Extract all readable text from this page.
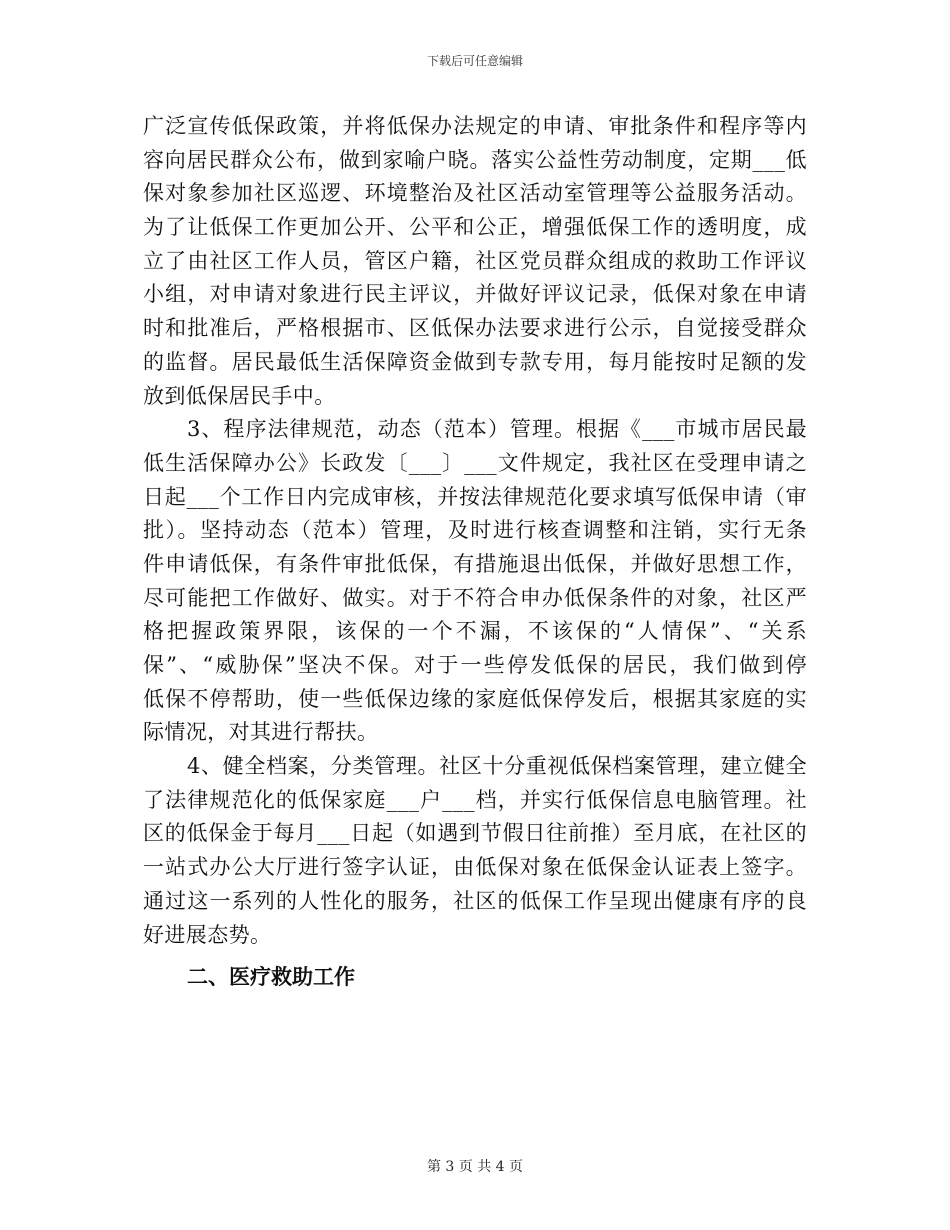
下载后可任意编辑
广泛宣传低保政策，并将低保办法规定的申请、审批条件和程序等内
容向居民群众公布，做到家喻户晓。落实公益性劳动制度，定期___低
保对象参加社区巡逻、环境整治及社区活动室管理等公益服务活动。
为了让低保工作更加公开、公平和公正，增强低保工作的透明度，成
立了由社区工作人员，管区户籍，社区党员群众组成的救助工作评议
小组，对申请对象进行民主评议，并做好评议记录，低保对象在申请
时和批准后，严格根据市、区低保办法要求进行公示，自觉接受群众
的监督。居民最低生活保障资金做到专款专用，每月能按时足额的发
放到低保居民手中。
3、程序法律规范，动态（范本）管理。根据《___市城市居民最
低生活保障办公》长政发〔___〕___文件规定，我社区在受理申请之
日起___个工作日内完成审核，并按法律规范化要求填写低保申请（审
批）。坚持动态（范本）管理，及时进行核查调整和注销，实行无条
件申请低保，有条件审批低保，有措施退出低保，并做好思想工作，
尽可能把工作做好、做实。对于不符合申办低保条件的对象，社区严
格把握政策界限，该保的一个不漏，不该保的“人情保”、“关系
保”、“威胁保”坚决不保。对于一些停发低保的居民，我们做到停
低保不停帮助，使一些低保边缘的家庭低保停发后，根据其家庭的实
际情况，对其进行帮扶。
4、健全档案，分类管理。社区十分重视低保档案管理，建立健全
了法律规范化的低保家庭___户___档，并实行低保信息电脑管理。社
区的低保金于每月___日起（如遇到节假日往前推）至月底，在社区的
一站式办公大厅进行签字认证，由低保对象在低保金认证表上签字。
通过这一系列的人性化的服务，社区的低保工作呈现出健康有序的良
好进展态势。
二、医疗救助工作
第 3 页 共 4 页
